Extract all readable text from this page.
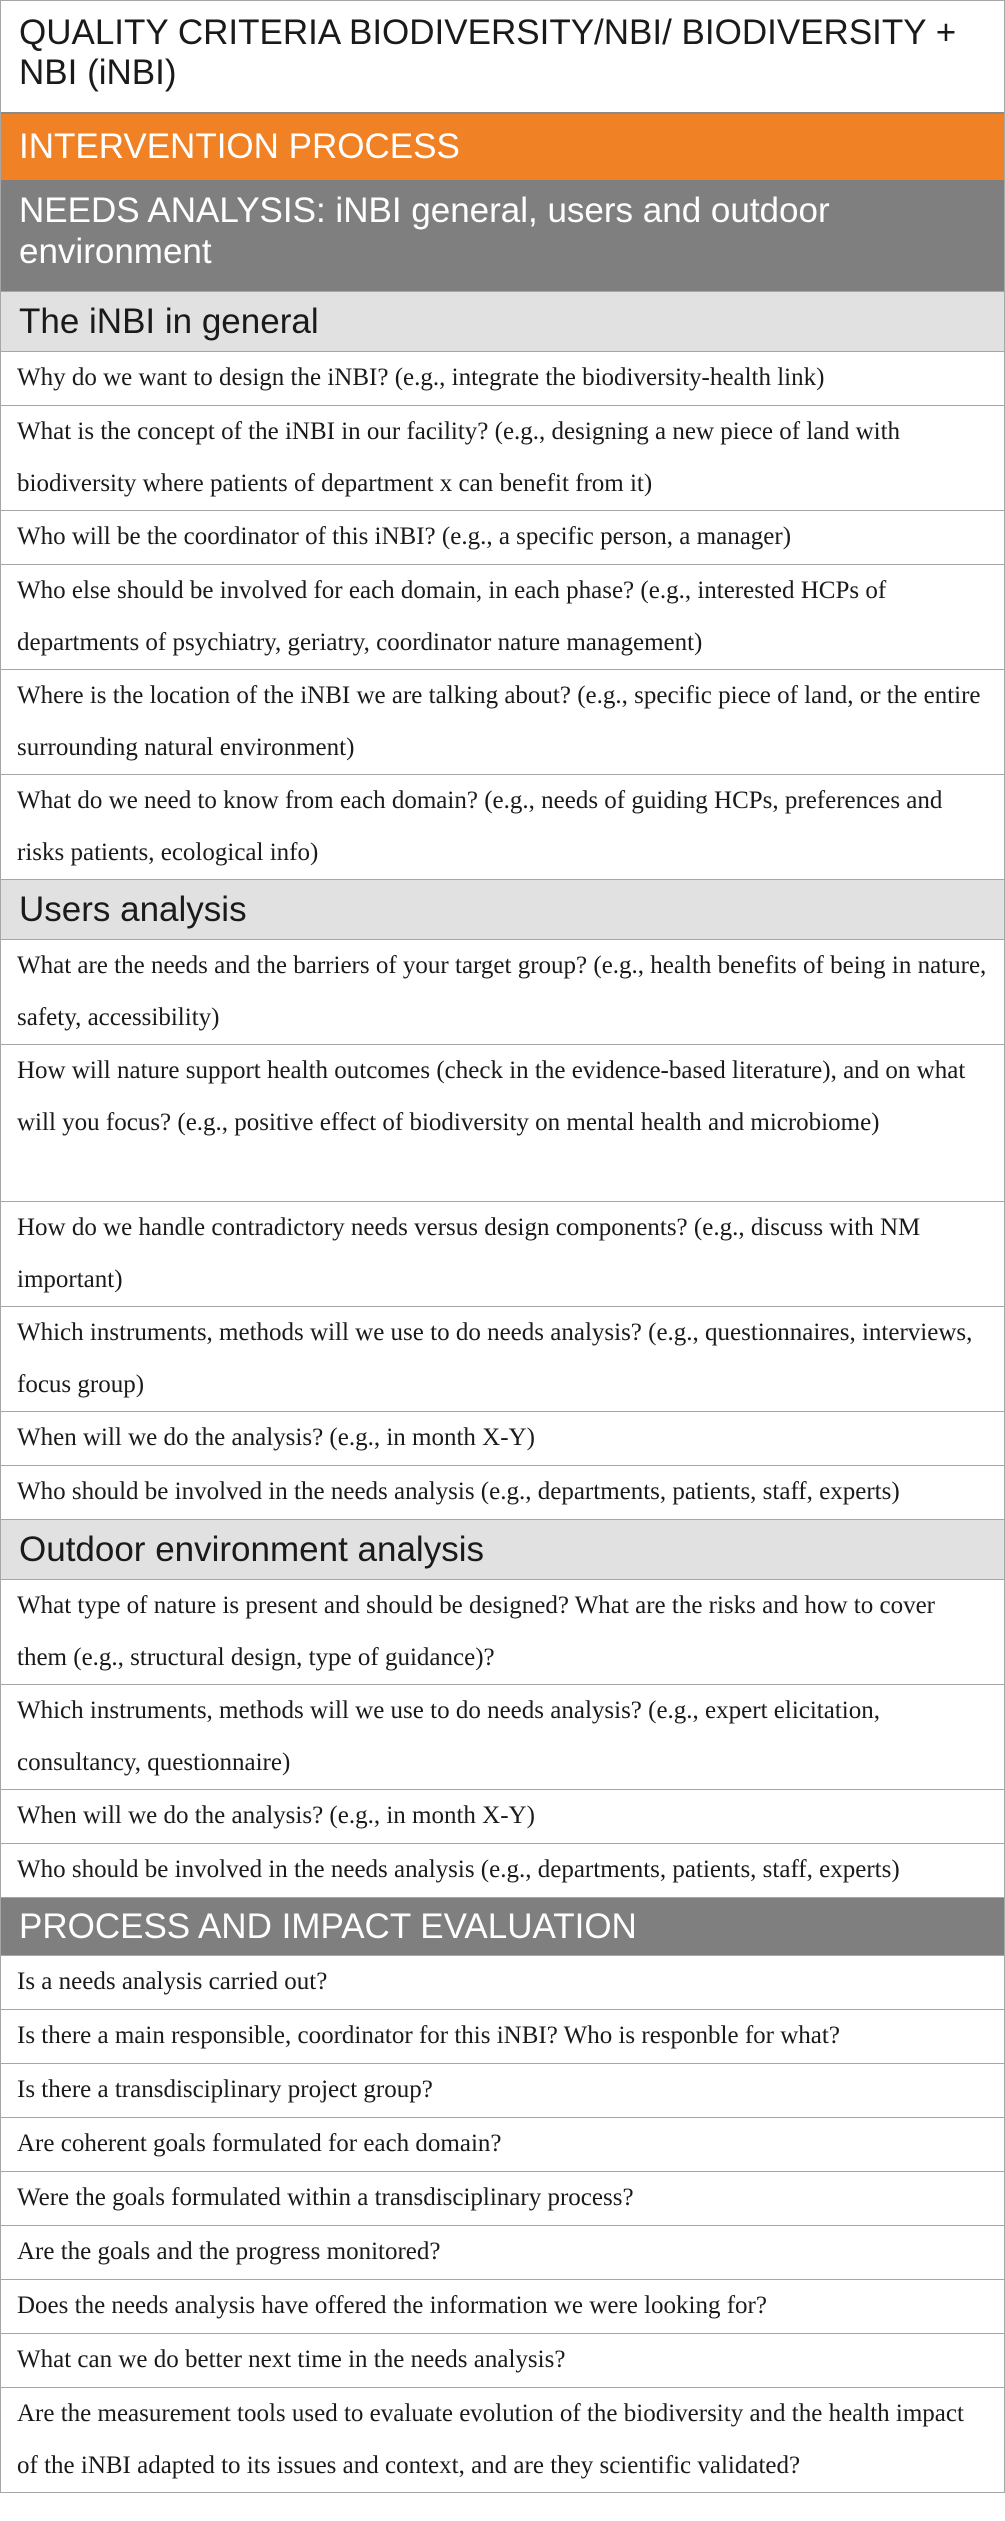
QUALITY CRITERIA BIODIVERSITY/NBI/ BIODIVERSITY + NBI (iNBI)
INTERVENTION PROCESS
NEEDS ANALYSIS: iNBI general, users and outdoor environment
The iNBI in general
Why do we want to design the iNBI? (e.g., integrate the biodiversity-health link)
What is the concept of the iNBI in our facility? (e.g., designing a new piece of land with biodiversity where patients of department x can benefit from it)
Who will be the coordinator of this iNBI? (e.g., a specific person, a manager)
Who else should be involved for each domain, in each phase? (e.g., interested HCPs of departments of psychiatry, geriatry, coordinator nature management)
Where is the location of the iNBI we are talking about? (e.g., specific piece of land, or the entire surrounding natural environment)
What do we need to know from each domain? (e.g., needs of guiding HCPs, preferences and risks patients, ecological info)
Users analysis
What are the needs and the barriers of your target group? (e.g., health benefits of being in nature, safety, accessibility)
How will nature support health outcomes (check in the evidence-based literature), and on what will you focus? (e.g., positive effect of biodiversity on mental health and microbiome)
How do we handle contradictory needs versus design components? (e.g., discuss with NM important)
Which instruments, methods will we use to do needs analysis? (e.g., questionnaires, interviews, focus group)
When will we do the analysis? (e.g., in month X-Y)
Who should be involved in the needs analysis (e.g., departments, patients, staff, experts)
Outdoor environment analysis
What type of nature is present and should be designed? What are the risks and how to cover them (e.g., structural design, type of guidance)?
Which instruments, methods will we use to do needs analysis? (e.g., expert elicitation, consultancy, questionnaire)
When will we do the analysis? (e.g., in month X-Y)
Who should be involved in the needs analysis (e.g., departments, patients, staff, experts)
PROCESS AND IMPACT EVALUATION
Is a needs analysis carried out?
Is there a main responsible, coordinator for this iNBI? Who is responble for what?
Is there a transdisciplinary project group?
Are coherent goals formulated for each domain?
Were the goals formulated within a transdisciplinary process?
Are the goals and the progress monitored?
Does the needs analysis have offered the information we were looking for?
What can we do better next time in the needs analysis?
Are the measurement tools used to evaluate evolution of the biodiversity and the health impact of the iNBI adapted to its issues and context, and are they scientific validated?
